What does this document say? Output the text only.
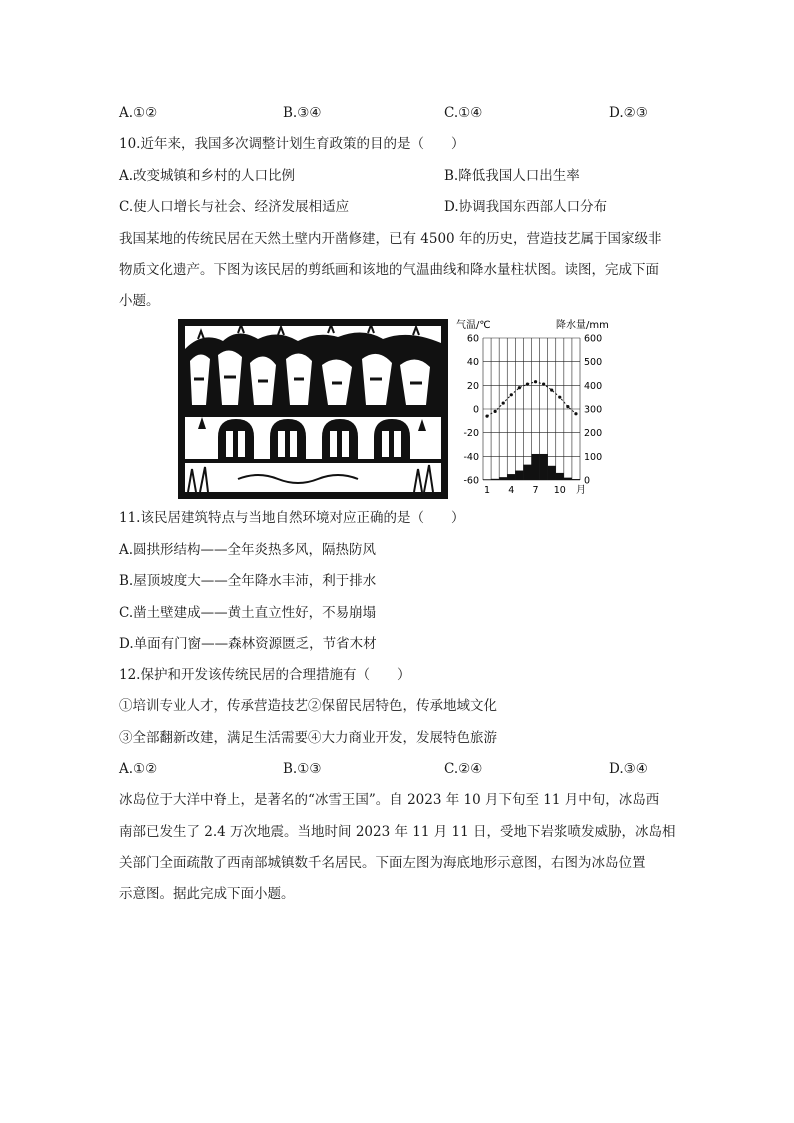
A.①②	B.③④	C.①④	D.②③
10.近年来，我国多次调整计划生育政策的目的是（　　）
A.改变城镇和乡村的人口比例	B.降低我国人口出生率
C.使人口增长与社会、经济发展相适应	D.协调我国东西部人口分布
我国某地的传统民居在天然土壁内开凿修建，已有 4500 年的历史，营造技艺属于国家级非
物质文化遗产。下图为该民居的剪纸画和该地的气温曲线和降水量柱状图。读图，完成下面
小题。
气温/℃	降水量/mm
60
40
20
0
-20
-40
-60
600
500
400
300
200
100
0
1 4 7 10 月
11.该民居建筑特点与当地自然环境对应正确的是（　　）
A.圆拱形结构——全年炎热多风，隔热防风
B.屋顶坡度大——全年降水丰沛，利于排水
C.凿土壁建成——黄土直立性好，不易崩塌
D.单面有门窗——森林资源匮乏，节省木材
12.保护和开发该传统民居的合理措施有（　　）
①培训专业人才，传承营造技艺②保留民居特色，传承地域文化
③全部翻新改建，满足生活需要④大力商业开发，发展特色旅游
A.①②	B.①③	C.②④	D.③④
冰岛位于大洋中脊上，是著名的“冰雪王国”。自 2023 年 10 月下旬至 11 月中旬，冰岛西
南部已发生了 2.4 万次地震。当地时间 2023 年 11 月 11 日，受地下岩浆喷发威胁，冰岛相
关部门全面疏散了西南部城镇数千名居民。下面左图为海底地形示意图，右图为冰岛位置
示意图。据此完成下面小题。
